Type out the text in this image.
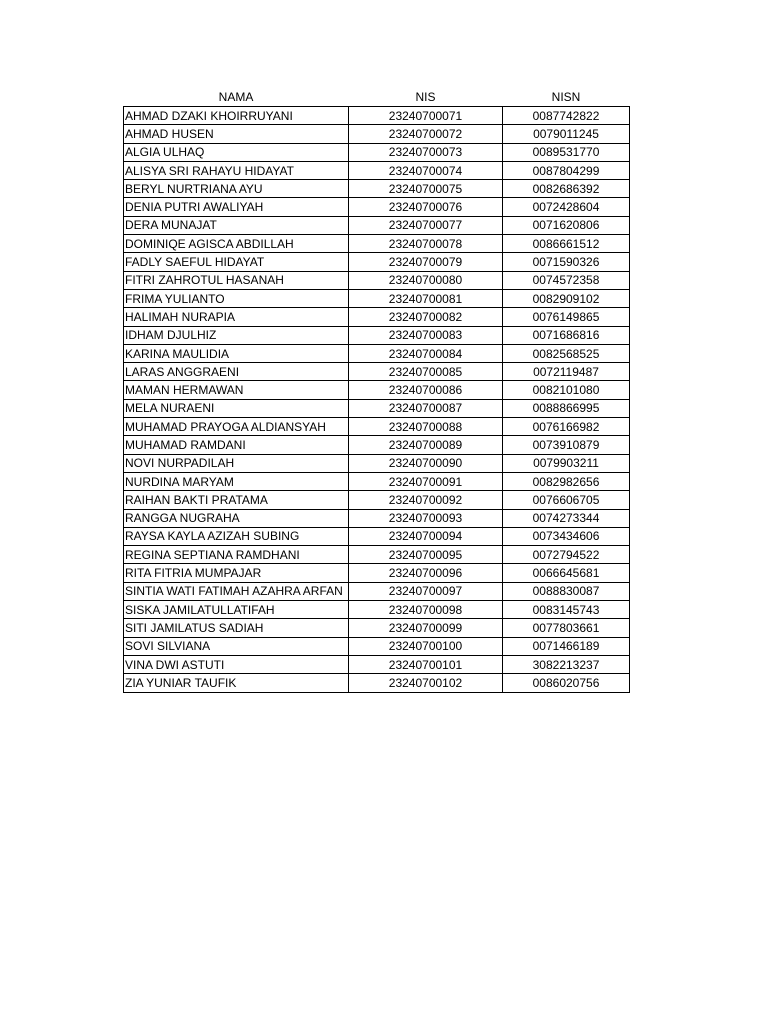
NAMA	NIS	NISN
AHMAD DZAKI KHOIRRUYANI	23240700071	0087742822
AHMAD HUSEN	23240700072	0079011245
ALGIA ULHAQ	23240700073	0089531770
ALISYA SRI RAHAYU HIDAYAT	23240700074	0087804299
BERYL NURTRIANA AYU	23240700075	0082686392
DENIA PUTRI AWALIYAH	23240700076	0072428604
DERA MUNAJAT	23240700077	0071620806
DOMINIQE AGISCA ABDILLAH	23240700078	0086661512
FADLY SAEFUL HIDAYAT	23240700079	0071590326
FITRI ZAHROTUL HASANAH	23240700080	0074572358
FRIMA YULIANTO	23240700081	0082909102
HALIMAH NURAPIA	23240700082	0076149865
IDHAM DJULHIZ	23240700083	0071686816
KARINA MAULIDIA	23240700084	0082568525
LARAS ANGGRAENI	23240700085	0072119487
MAMAN HERMAWAN	23240700086	0082101080
MELA NURAENI	23240700087	0088866995
MUHAMAD PRAYOGA ALDIANSYAH	23240700088	0076166982
MUHAMAD RAMDANI	23240700089	0073910879
NOVI NURPADILAH	23240700090	0079903211
NURDINA MARYAM	23240700091	0082982656
RAIHAN BAKTI PRATAMA	23240700092	0076606705
RANGGA NUGRAHA	23240700093	0074273344
RAYSA KAYLA AZIZAH SUBING	23240700094	0073434606
REGINA SEPTIANA RAMDHANI	23240700095	0072794522
RITA FITRIA MUMPAJAR	23240700096	0066645681
SINTIA WATI FATIMAH AZAHRA ARFAN	23240700097	0088830087
SISKA JAMILATULLATIFAH	23240700098	0083145743
SITI JAMILATUS SADIAH	23240700099	0077803661
SOVI SILVIANA	23240700100	0071466189
VINA DWI ASTUTI	23240700101	3082213237
ZIA YUNIAR TAUFIK	23240700102	0086020756
